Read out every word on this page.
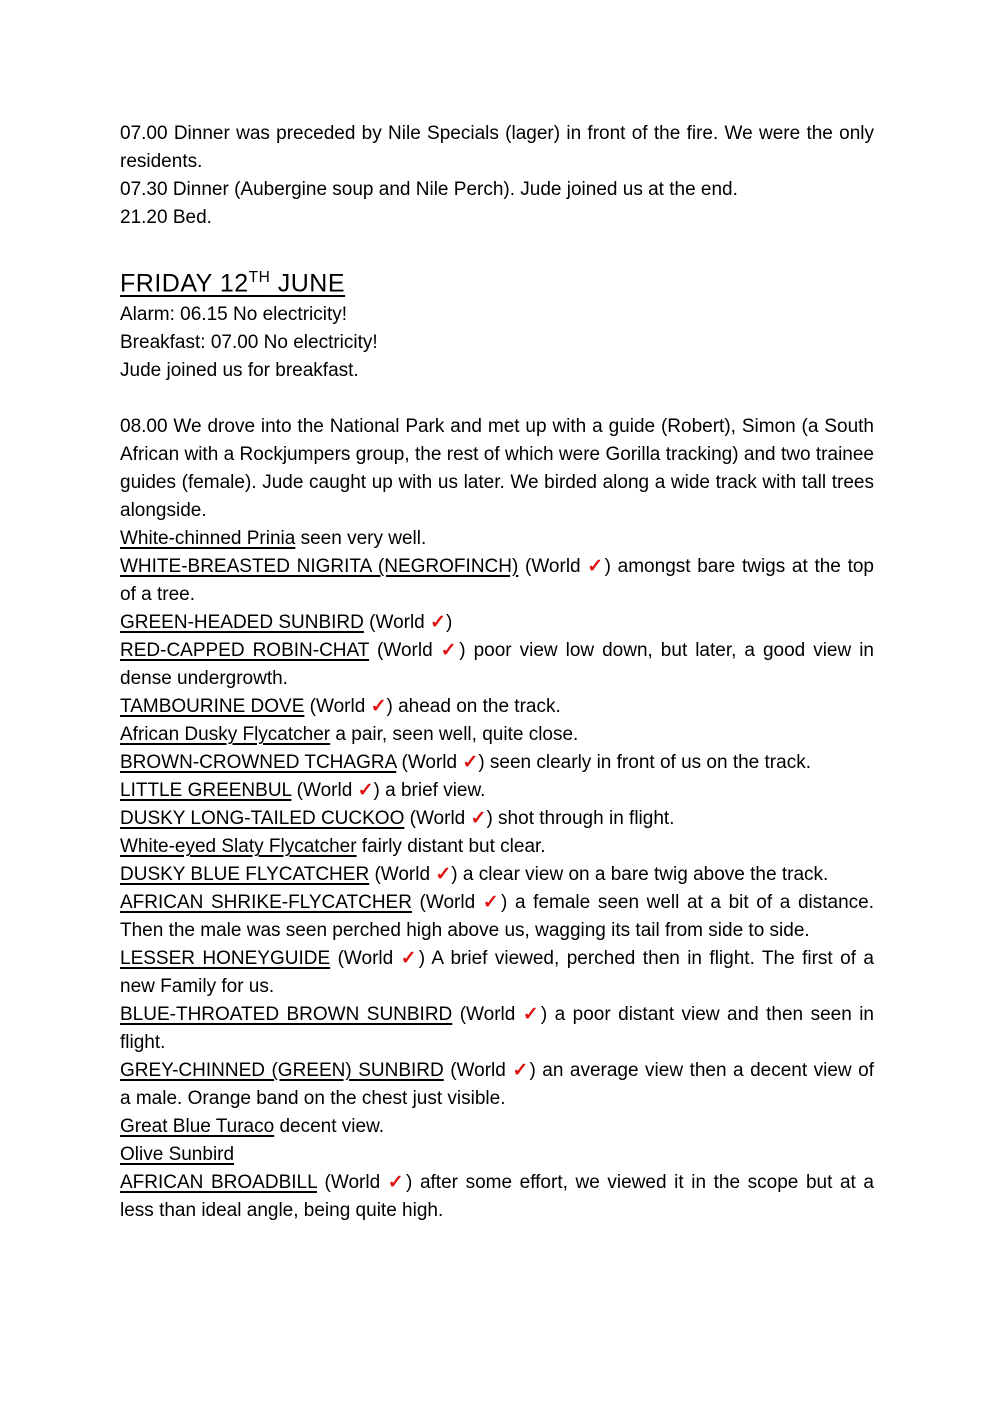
07.00 Dinner was preceded by Nile Specials (lager) in front of the fire. We were the only residents.

07.30 Dinner (Aubergine soup and Nile Perch). Jude joined us at the end.

21.20 Bed.

FRIDAY 12TH JUNE

Alarm: 06.15 No electricity!

Breakfast: 07.00 No electricity!

Jude joined us for breakfast.

08.00 We drove into the National Park and met up with a guide (Robert), Simon (a South African with a Rockjumpers group, the rest of which were Gorilla tracking) and two trainee guides (female). Jude caught up with us later. We birded along a wide track with tall trees alongside.

White-chinned Prinia seen very well.

WHITE-BREASTED NIGRITA (NEGROFINCH) (World ✓) amongst bare twigs at the top of a tree.

GREEN-HEADED SUNBIRD (World ✓)

RED-CAPPED ROBIN-CHAT (World ✓) poor view low down, but later, a good view in dense undergrowth.

TAMBOURINE DOVE (World ✓) ahead on the track.

African Dusky Flycatcher a pair, seen well, quite close.

BROWN-CROWNED TCHAGRA (World ✓) seen clearly in front of us on the track.

LITTLE GREENBUL (World ✓) a brief view.

DUSKY LONG-TAILED CUCKOO (World ✓) shot through in flight.

White-eyed Slaty Flycatcher fairly distant but clear.

DUSKY BLUE FLYCATCHER (World ✓) a clear view on a bare twig above the track.

AFRICAN SHRIKE-FLYCATCHER (World ✓) a female seen well at a bit of a distance. Then the male was seen perched high above us, wagging its tail from side to side.

LESSER HONEYGUIDE (World ✓) A brief viewed, perched then in flight. The first of a new Family for us.

BLUE-THROATED BROWN SUNBIRD (World ✓) a poor distant view and then seen in flight.

GREY-CHINNED (GREEN) SUNBIRD (World ✓) an average view then a decent view of a male. Orange band on the chest just visible.

Great Blue Turaco decent view.

Olive Sunbird

AFRICAN BROADBILL (World ✓) after some effort, we viewed it in the scope but at a less than ideal angle, being quite high.
